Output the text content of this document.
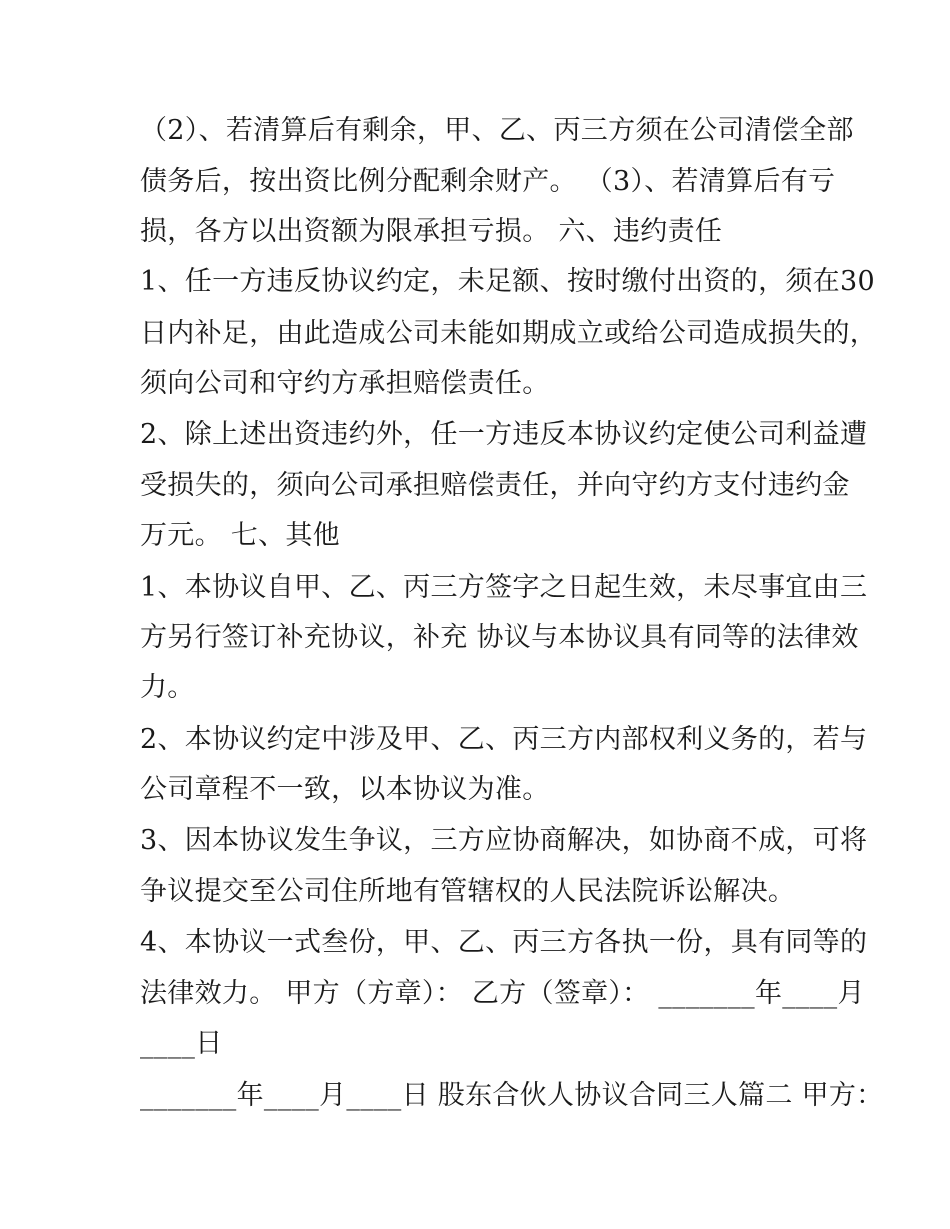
（2）、若清算后有剩余，甲、乙、丙三方须在公司清偿全部
债务后，按出资比例分配剩余财产。 （3）、若清算后有亏
损，各方以出资额为限承担亏损。 六、违约责任
1、任一方违反协议约定，未足额、按时缴付出资的，须在30
日内补足，由此造成公司未能如期成立或给公司造成损失的，
须向公司和守约方承担赔偿责任。
2、除上述出资违约外，任一方违反本协议约定使公司利益遭
受损失的，须向公司承担赔偿责任，并向守约方支付违约金
万元。 七、其他
1、本协议自甲、乙、丙三方签字之日起生效，未尽事宜由三
方另行签订补充协议，补充 协议与本协议具有同等的法律效
力。
2、本协议约定中涉及甲、乙、丙三方内部权利义务的，若与
公司章程不一致，以本协议为准。
3、因本协议发生争议，三方应协商解决，如协商不成，可将
争议提交至公司住所地有管辖权的人民法院诉讼解决。
4、本协议一式叁份，甲、乙、丙三方各执一份，具有同等的
法律效力。 甲方（方章）： 乙方（签章）： _______年____月
____日
_______年____月____日 股东合伙人协议合同三人篇二 甲方：
